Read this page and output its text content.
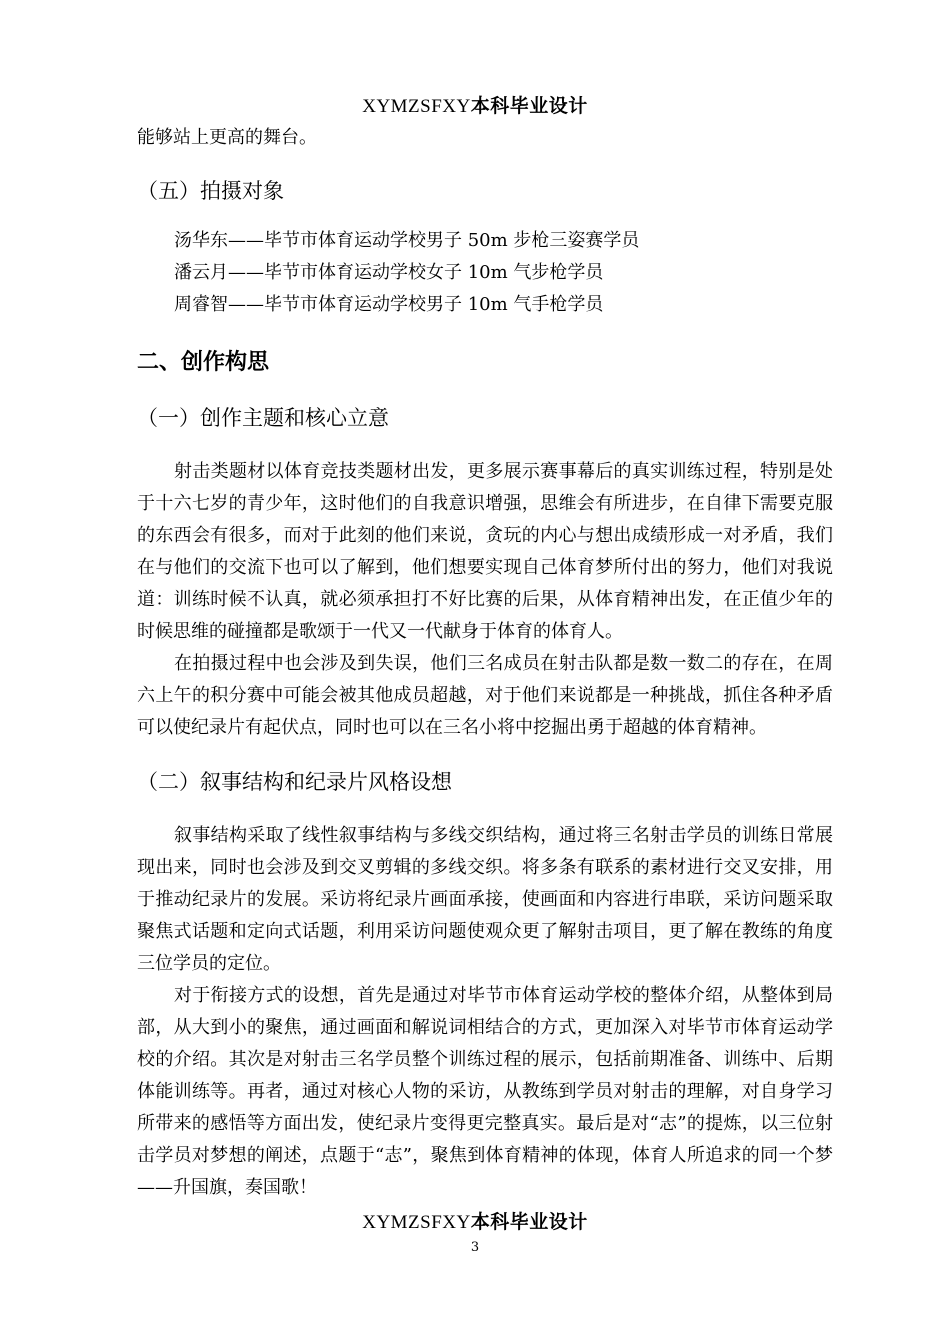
XYMZSFXY本科毕业设计

能够站上更高的舞台。

（五）拍摄对象

汤华东——毕节市体育运动学校男子 50m 步枪三姿赛学员

潘云月——毕节市体育运动学校女子 10m 气步枪学员

周睿智——毕节市体育运动学校男子 10m 气手枪学员

二、创作构思

（一）创作主题和核心立意

射击类题材以体育竞技类题材出发，更多展示赛事幕后的真实训练过程，特别是处于十六七岁的青少年，这时他们的自我意识增强，思维会有所进步，在自律下需要克服的东西会有很多，而对于此刻的他们来说，贪玩的内心与想出成绩形成一对矛盾，我们在与他们的交流下也可以了解到，他们想要实现自己体育梦所付出的努力，他们对我说道：训练时候不认真，就必须承担打不好比赛的后果，从体育精神出发，在正值少年的时候思维的碰撞都是歌颂于一代又一代献身于体育的体育人。

在拍摄过程中也会涉及到失误，他们三名成员在射击队都是数一数二的存在，在周六上午的积分赛中可能会被其他成员超越，对于他们来说都是一种挑战，抓住各种矛盾可以使纪录片有起伏点，同时也可以在三名小将中挖掘出勇于超越的体育精神。

（二）叙事结构和纪录片风格设想

叙事结构采取了线性叙事结构与多线交织结构，通过将三名射击学员的训练日常展现出来，同时也会涉及到交叉剪辑的多线交织。将多条有联系的素材进行交叉安排，用于推动纪录片的发展。采访将纪录片画面承接，使画面和内容进行串联，采访问题采取聚焦式话题和定向式话题，利用采访问题使观众更了解射击项目，更了解在教练的角度三位学员的定位。

对于衔接方式的设想，首先是通过对毕节市体育运动学校的整体介绍，从整体到局部，从大到小的聚焦，通过画面和解说词相结合的方式，更加深入对毕节市体育运动学校的介绍。其次是对射击三名学员整个训练过程的展示，包括前期准备、训练中、后期体能训练等。再者，通过对核心人物的采访，从教练到学员对射击的理解，对自身学习所带来的感悟等方面出发，使纪录片变得更完整真实。最后是对“志”的提炼，以三位射击学员对梦想的阐述，点题于“志”，聚焦到体育精神的体现，体育人所追求的同一个梦——升国旗，奏国歌！

XYMZSFXY本科毕业设计
3
